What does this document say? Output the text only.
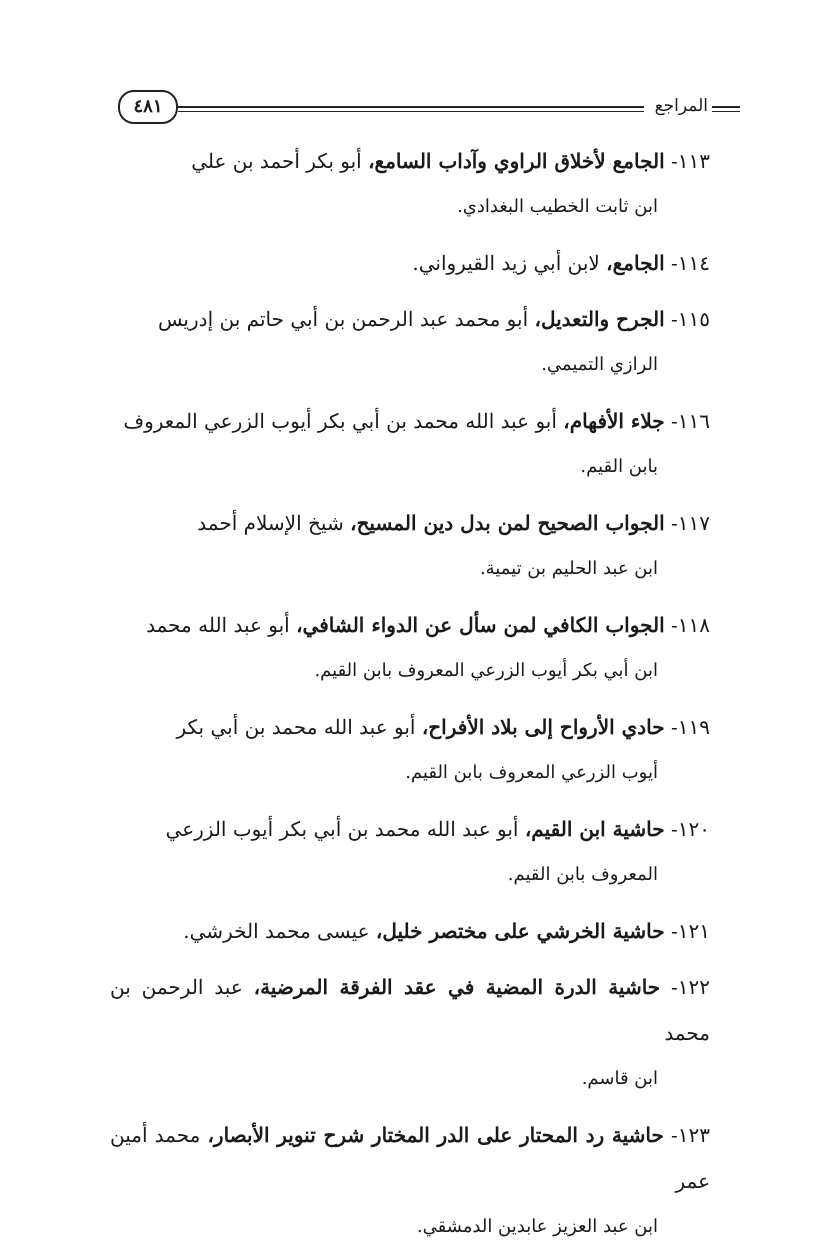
المراجع
٤٨١
١١٣- الجامع لأخلاق الراوي وآداب السامع، أبو بكر أحمد بن علي
ابن ثابت الخطيب البغدادي.
١١٤- الجامع، لابن أبي زيد القيرواني.
١١٥- الجرح والتعديل، أبو محمد عبد الرحمن بن أبي حاتم بن إدريس
الرازي التميمي.
١١٦- جلاء الأفهام، أبو عبد الله محمد بن أبي بكر أيوب الزرعي المعروف
بابن القيم.
١١٧- الجواب الصحيح لمن بدل دين المسيح، شيخ الإسلام أحمد
ابن عبد الحليم بن تيمية.
١١٨- الجواب الكافي لمن سأل عن الدواء الشافي، أبو عبد الله محمد
ابن أبي بكر أيوب الزرعي المعروف بابن القيم.
١١٩- حادي الأرواح إلى بلاد الأفراح، أبو عبد الله محمد بن أبي بكر
أيوب الزرعي المعروف بابن القيم.
١٢٠- حاشية ابن القيم، أبو عبد الله محمد بن أبي بكر أيوب الزرعي
المعروف بابن القيم.
١٢١- حاشية الخرشي على مختصر خليل، عيسى محمد الخرشي.
١٢٢- حاشية الدرة المضية في عقد الفرقة المرضية، عبد الرحمن بن محمد
ابن قاسم.
١٢٣- حاشية رد المحتار على الدر المختار شرح تنوير الأبصار، محمد أمين عمر
ابن عبد العزيز عابدين الدمشقي.
